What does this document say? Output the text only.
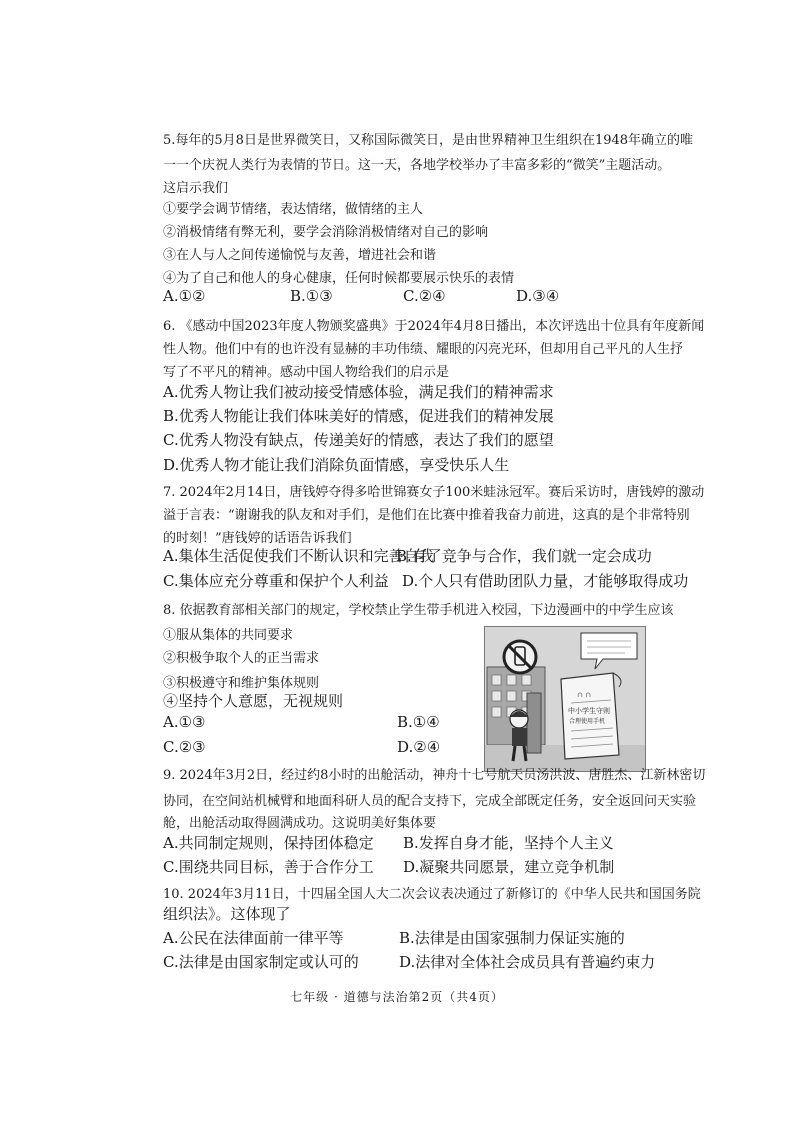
5.每年的5月8日是世界微笑日，又称国际微笑日，是由世界精神卫生组织在1948年确立的唯
一一个庆祝人类行为表情的节日。这一天，各地学校举办了丰富多彩的“微笑”主题活动。
这启示我们
①要学会调节情绪，表达情绪，做情绪的主人
②消极情绪有弊无利，要学会消除消极情绪对自己的影响
③在人与人之间传递愉悦与友善，增进社会和谐
④为了自己和他人的身心健康，任何时候都要展示快乐的表情
A.①②	B.①③	C.②④	D.③④
6. 《感动中国2023年度人物颁奖盛典》于2024年4月8日播出，本次评选出十位具有年度新闻
性人物。他们中有的也许没有显赫的丰功伟绩、耀眼的闪亮光环，但却用自己平凡的人生抒
写了不平凡的精神。感动中国人物给我们的启示是
A.优秀人物让我们被动接受情感体验，满足我们的精神需求
B.优秀人物能让我们体味美好的情感，促进我们的精神发展
C.优秀人物没有缺点，传递美好的情感，表达了我们的愿望
D.优秀人物才能让我们消除负面情感，享受快乐人生
7. 2024年2月14日，唐钱婷夺得多哈世锦赛女子100米蛙泳冠军。赛后采访时，唐钱婷的激动
溢于言表：“谢谢我的队友和对手们，是他们在比赛中推着我奋力前进，这真的是个非常特别
的时刻！”唐钱婷的话语告诉我们
A.集体生活促使我们不断认识和完善自我
B.有了竞争与合作，我们就一定会成功
C.集体应充分尊重和保护个人利益 D.个人只有借助团队力量，才能够取得成功
8. 依据教育部相关部门的规定，学校禁止学生带手机进入校园，下边漫画中的中学生应该
①服从集体的共同要求
②积极争取个人的正当需求
③积极遵守和维护集体规则
④坚持个人意愿，无视规则
A.①③	B.①④
C.②③	D.②④
∩ ∩
中小学生守则
合理使用手机
9. 2024年3月2日，经过约8小时的出舱活动，神舟十七号航天员汤洪波、唐胜杰、江新林密切
协同，在空间站机械臂和地面科研人员的配合支持下，完成全部既定任务，安全返回问天实验
舱，出舱活动取得圆满成功。这说明美好集体要
A.共同制定规则，保持团体稳定 B.发挥自身才能，坚持个人主义
C.围绕共同目标，善于合作分工 D.凝聚共同愿景，建立竞争机制
10. 2024年3月11日，十四届全国人大二次会议表决通过了新修订的《中华人民共和国国务院
组织法》。这体现了
A.公民在法律面前一律平等	B.法律是由国家强制力保证实施的
C.法律是由国家制定或认可的	D.法律对全体社会成员具有普遍约束力
七年级 · 道德与法治第2页（共4页）
